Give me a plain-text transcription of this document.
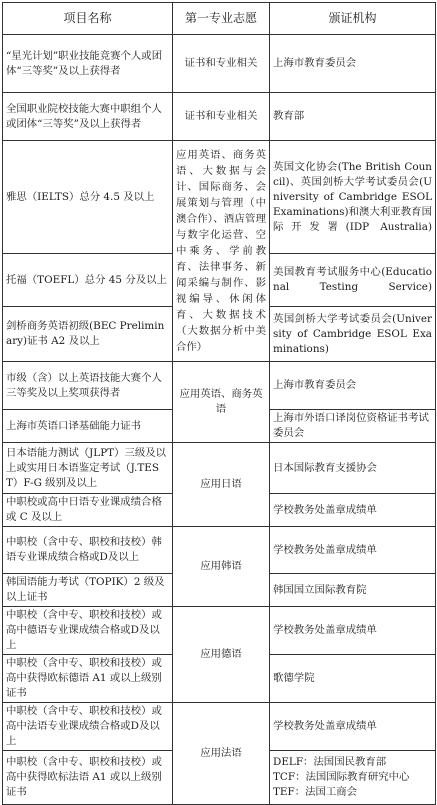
项目名称	第一专业志愿	颁证机构
“星光计划”职业技能竞赛个人或团体“三等奖”及以上获得者	证书和专业相关	上海市教育委员会
全国职业院校技能大赛中职组个人或团体“三等奖”及以上获得者	证书和专业相关	教育部
雅思（IELTS）总分 4.5 及以上	应用英语、商务英语、大数据与会计、国际商务、会展策划与管理（中澳合作）、酒店管理与数字化运营、空中乘务、学前教育、法律事务、新闻采编与制作、影视编导、休闲体育、大数据技术（大数据分析中美合作）	英国文化协会(The British Council)、英国剑桥大学考试委员会(University of Cambridge ESOL Examinations)和澳大利亚教育国际开发署(IDP Australia)
托福（TOEFL）总分 45 分及以上		美国教育考试服务中心(Educational Testing Service)
剑桥商务英语初级(BEC Preliminary)证书 A2 及以上		英国剑桥大学考试委员会(University of Cambridge ESOL Examinations)
市级（含）以上英语技能大赛个人三等奖及以上奖项获得者	应用英语、商务英语	上海市教育委员会
上海市英语口译基础能力证书		上海市外语口译岗位资格证书考试委员会
日本语能力测试（JLPT）三级及以上或实用日本语鉴定考试（J.TEST）F-G 级别及以上	应用日语	日本国际教育支援协会
中职校或高中日语专业课成绩合格或 C 及以上		学校教务处盖章成绩单
中职校（含中专、职校和技校）韩语专业课成绩合格或D及以上	应用韩语	学校教务处盖章成绩单
韩国语能力考试（TOPIK）2 级及以上证书		韩国国立国际教育院
中职校（含中专、职校和技校）或高中德语专业课成绩合格或D及以上	应用德语	学校教务处盖章成绩单
中职校（含中专、职校和技校）或高中获得欧标德语 A1 或以上级别证书		歌德学院
中职校（含中专、职校和技校）或高中法语专业课成绩合格或D及以上	应用法语	学校教务处盖章成绩单
中职校（含中专、职校和技校）或高中获得欧标法语 A1 或以上级别证书		DELF：法国国民教育部
TCF：法国国际教育研究中心
TEF：法国工商会
